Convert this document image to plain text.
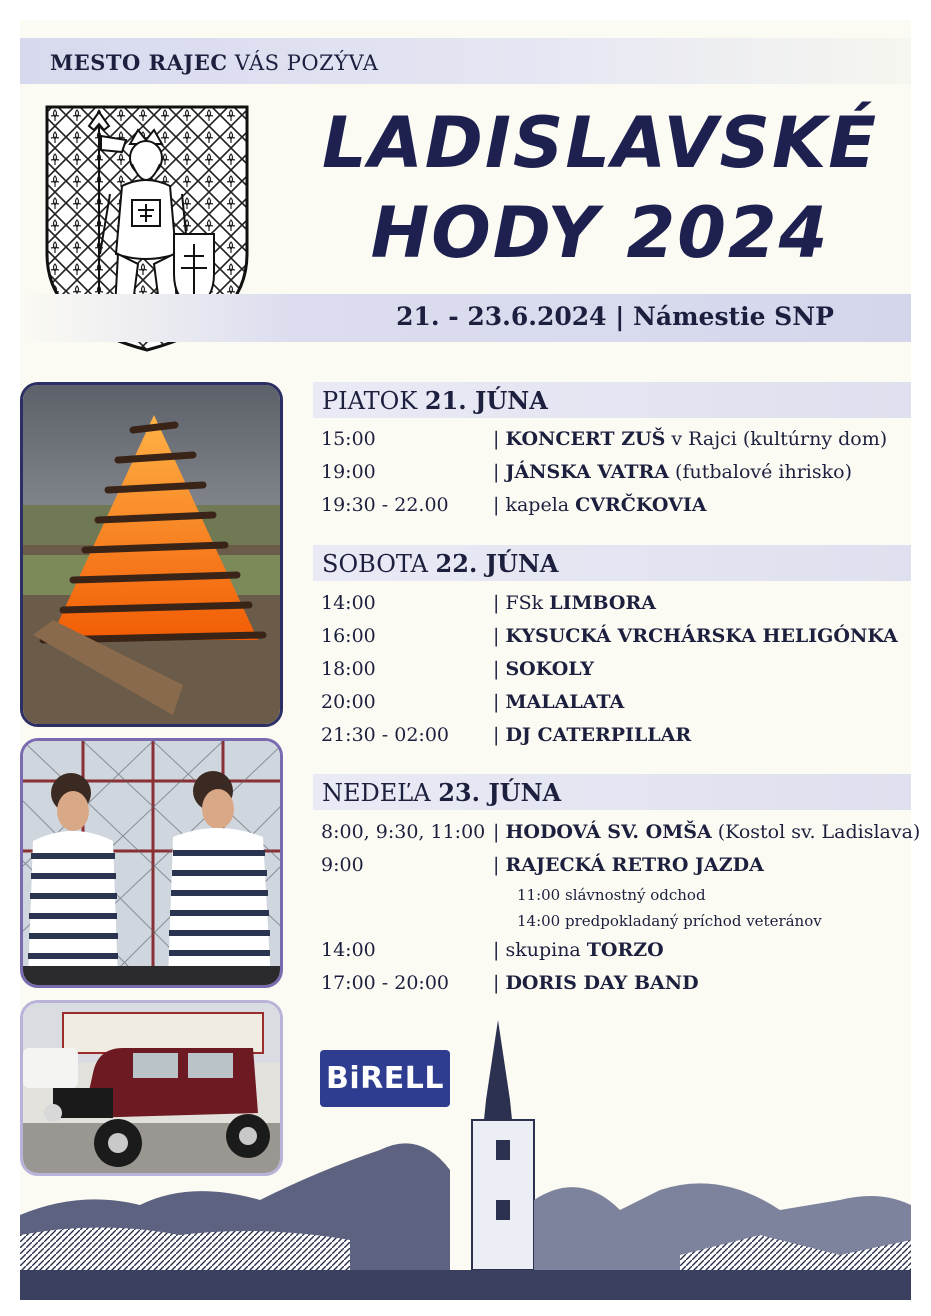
MESTO RAJEC VÁS POZÝVA
LADISLAVSKÉ
HODY 2024
21. - 23.6.2024 | Námestie SNP
PIATOK 21. JÚNA
15:00	| KONCERT ZUŠ v Rajci (kultúrny dom)
19:00	| JÁNSKA VATRA (futbalové ihrisko)
19:30 - 22.00	| kapela CVRČKOVIA
SOBOTA 22. JÚNA
14:00	| FSk LIMBORA
16:00	| KYSUCKÁ VRCHÁRSKA HELIGÓNKA
18:00	| SOKOLY
20:00	| MALALATA
21:30 - 02:00	| DJ CATERPILLAR
NEDEĽA 23. JÚNA
8:00, 9:30, 11:00 | HODOVÁ SV. OMŠA (Kostol sv. Ladislava)
9:00	| RAJECKÁ RETRO JAZDA
11:00 slávnostný odchod
14:00 predpokladaný príchod veteránov
14:00	| skupina TORZO
17:00 - 20:00	| DORIS DAY BAND
BiRELL
